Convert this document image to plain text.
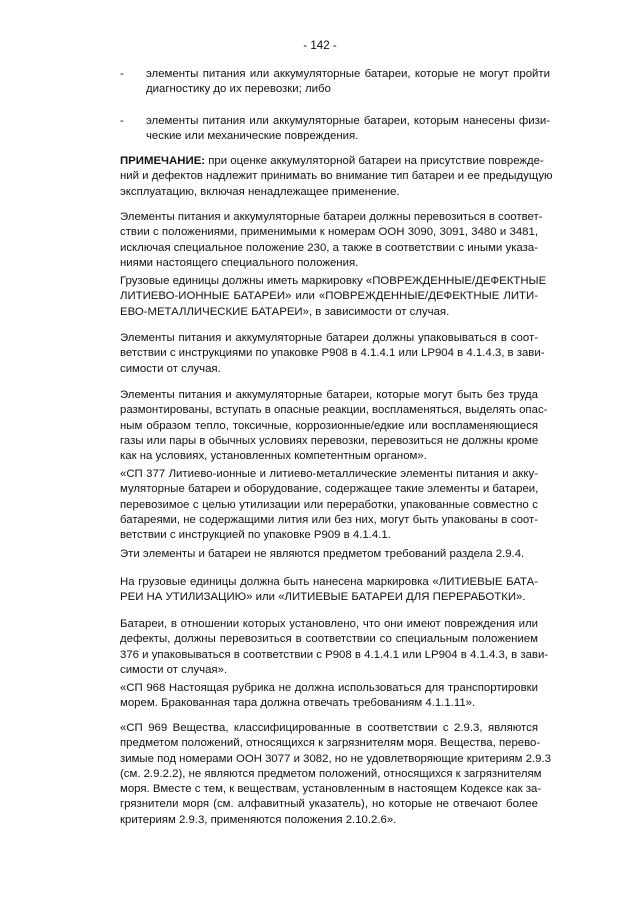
- 142 -
- элементы питания или аккумуляторные батареи, которые не могут пройти
диагностику до их перевозки; либо
- элементы питания или аккумуляторные батареи, которым нанесены физи-
ческие или механические повреждения.
ПРИМЕЧАНИЕ: при оценке аккумуляторной батареи на присутствие поврежде-
ний и дефектов надлежит принимать во внимание тип батареи и ее предыдущую
эксплуатацию, включая ненадлежащее применение.
Элементы питания и аккумуляторные батареи должны перевозиться в соответ-
ствии с положениями, применимыми к номерам ООН 3090, 3091, 3480 и 3481,
исключая специальное положение 230, а также в соответствии с иными указа-
ниями настоящего специального положения.
Грузовые единицы должны иметь маркировку «ПОВРЕЖДЕННЫЕ/ДЕФЕКТНЫЕ
ЛИТИЕВО-ИОННЫЕ БАТАРЕИ» или «ПОВРЕЖДЕННЫЕ/ДЕФЕКТНЫЕ ЛИТИ-
ЕВО-МЕТАЛЛИЧЕСКИЕ БАТАРЕИ», в зависимости от случая.
Элементы питания и аккумуляторные батареи должны упаковываться в соот-
ветствии с инструкциями по упаковке P908 в 4.1.4.1 или LP904 в 4.1.4.3, в зави-
симости от случая.
Элементы питания и аккумуляторные батареи, которые могут быть без труда
размонтированы, вступать в опасные реакции, воспламеняться, выделять опас-
ным образом тепло, токсичные, коррозионные/едкие или воспламеняющиеся
газы или пары в обычных условиях перевозки, перевозиться не должны кроме
как на условиях, установленных компетентным органом».
«СП 377 Литиево-ионные и литиево-металлические элементы питания и акку-
муляторные батареи и оборудование, содержащее такие элементы и батареи,
перевозимое с целью утилизации или переработки, упакованные совместно с
батареями, не содержащими лития или без них, могут быть упакованы в соот-
ветствии с инструкцией по упаковке P909 в 4.1.4.1.
Эти элементы и батареи не являются предметом требований раздела 2.9.4.
На грузовые единицы должна быть нанесена маркировка «ЛИТИЕВЫЕ БАТА-
РЕИ НА УТИЛИЗАЦИЮ» или «ЛИТИЕВЫЕ БАТАРЕИ ДЛЯ ПЕРЕРАБОТКИ».
Батареи, в отношении которых установлено, что они имеют повреждения или
дефекты, должны перевозиться в соответствии со специальным положением
376 и упаковываться в соответствии с P908 в 4.1.4.1 или LP904 в 4.1.4.3, в зави-
симости от случая».
«СП 968 Настоящая рубрика не должна использоваться для транспортировки
морем. Бракованная тара должна отвечать требованиям 4.1.1.11».
«СП 969 Вещества, классифицированные в соответствии с 2.9.3, являются
предметом положений, относящихся к загрязнителям моря. Вещества, перево-
зимые под номерами ООН 3077 и 3082, но не удовлетворяющие критериям 2.9.3
(см. 2.9.2.2), не являются предметом положений, относящихся к загрязнителям
моря. Вместе с тем, к веществам, установленным в настоящем Кодексе как за-
грязнители моря (см. алфавитный указатель), но которые не отвечают более
критериям 2.9.3, применяются положения 2.10.2.6».
